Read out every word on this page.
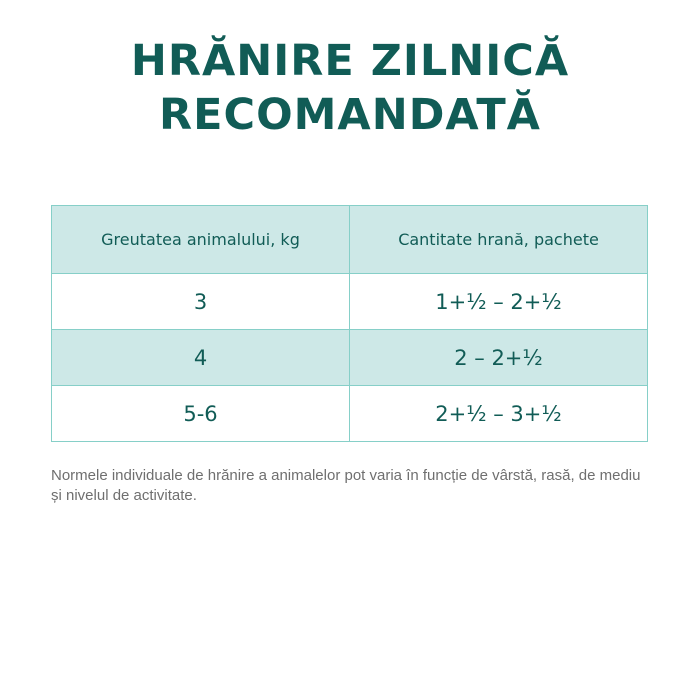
HRĂNIRE ZILNICĂ
RECOMANDATĂ
Greutatea animalului, kg	Cantitate hrană, pachete
3	1+½ – 2+½
4	2 – 2+½
5-6	2+½ – 3+½
Normele individuale de hrănire a animalelor pot varia în funcție de vârstă, rasă, de mediu și nivelul de activitate.
